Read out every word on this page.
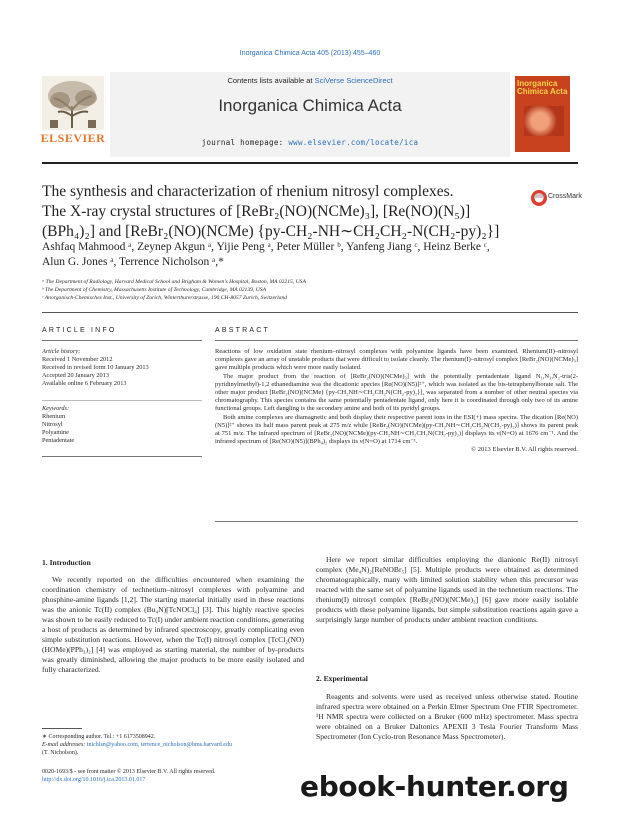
Inorganica Chimica Acta 405 (2013) 455–460
Contents lists available at SciVerse ScienceDirect
Inorganica Chimica Acta
journal homepage: www.elsevier.com/locate/ica
ELSEVIER
Inorganica Chimica Acta
The synthesis and characterization of rhenium nitrosyl complexes.
The X-ray crystal structures of [ReBr₂(NO)(NCMe)₃], [Re(NO)(N₅)]
(BPh₄)₂] and [ReBr₂(NO)(NCMe) {py-CH₂-NH∼CH₂CH₂-N(CH₂-py)₂}]
CrossMark
Ashfaq Mahmood ᵃ, Zeynep Akgun ᵃ, Yijie Peng ᵃ, Peter Müller ᵇ, Yanfeng Jiang ᶜ, Heinz Berke ᶜ,
Alun G. Jones ᵃ, Terrence Nicholson ᵃ,*
ᵃ The Department of Radiology, Harvard Medical School and Brigham & Women’s Hospital, Boston, MA 02215, USA
ᵇ The Department of Chemistry, Massachusetts Institute of Technology, Cambridge, MA 02139, USA
ᶜ Anorganisch-Chemisches Inst., University of Zurich, Winterthurerstrasse, 190 CH-8057 Zurich, Switzerland
ARTICLE INFO
Article history:
Received 1 November 2012
Received in revised form 10 January 2013
Accepted 20 January 2013
Available online 6 February 2013
Keywords:
Rhenium
Nitrosyl
Polyamine
Pentadentate
ABSTRACT

Reactions of low oxidation state rhenium–nitrosyl complexes with polyamine ligands have been examined. Rhenium(II)–nitrosyl complexes gave an array of unstable products that were difficult to isolate cleanly. The rhenium(I)–nitrosyl complex [ReBr₂(NO)(NCMe)₃] gave multiple products which were more easily isolated.

The major product from the reaction of [ReBr₂(NO)(NCMe)₃] with the potentially pentadentate ligand N₁,N₁,N₂-tris(2-pyridinylmethyl)-1,2 ethanediamine was the dicationic species [Re(NO)(N5)]²⁺, which was isolated as the bis-tetraphenylborate salt. The other major product [ReBr₂(NO)(NCMe) {py-CH₂NH∼CH₂CH₂N(CH₂-py)₂}], was separated from a number of other neutral species via chromatography. This species contains the same potentially pentadentate ligand, only here it is coordinated through only two of its amine functional groups. Left dangling is the secondary amine and both of its pyridyl groups.

Both amine complexes are diamagnetic and both display their respective parent ions in the ESI(+) mass spectra. The dication [Re(NO)(N5)]²⁺ shows its half mass parent peak at 275 m/z while [ReBr₂(NO)(NCMe)(py-CH₂NH∼CH₂CH₂N(CH₂-py)₂)] shows its parent peak at 751 m/z. The infrared spectrum of [ReBr₂(NO)(NCMe)(py-CH₂NH∼CH₂CH₂N(CH₂-py)₂)] displays its ν(N=O) at 1676 cm⁻¹. And the infrared spectrum of [Re(NO)(N5)](BPh₄)₂ displays its ν(N=O) at 1714 cm⁻¹.

© 2013 Elsevier B.V. All rights reserved.
1. Introduction

We recently reported on the difficulties encountered when examining the coordination chemistry of technetium–nitrosyl complexes with polyamine and phosphine-amine ligands [1,2]. The starting material initially used in these reactions was the anionic Tc(II) complex (Bu₄N)[TcNOCl₄] [3]. This highly reactive species was shown to be easily reduced to Tc(I) under ambient reaction conditions, generating a host of products as determined by infrared spectroscopy, greatly complicating even simple substitution reactions. However, when the Tc(I) nitrosyl complex [TcCl₂(NO)(HOMe)(PPh₃)₂] [4] was employed as starting material, the number of by-products was greatly diminished, allowing the major products to be more easily isolated and fully characterized.

Here we report similar difficulties employing the dianionic Re(II) nitrosyl complex (Me₄N)₂[ReNOBr₅] [5]. Multiple products were obtained as determined chromatographically, many with limited solution stability when this precursor was reacted with the same set of polyamine ligands used in the technetium reactions. The rhenium(I) nitrosyl complex [ReBr₂(NO)(NCMe)₃] [6] gave more easily isolable products with these polyamine ligands, but simple substitution reactions again gave a surprisingly large number of products under ambient reaction conditions.

2. Experimental

Reagents and solvents were used as received unless otherwise stated. Routine infrared spectra were obtained on a Perkin Elmer Spectrum One FTIR Spectrometer. ¹H NMR spectra were collected on a Bruker (600 mHz) spectrometer. Mass spectra were obtained on a Bruker Daltonics APEXII 3 Tesla Fourier Transform Mass Spectrometer (Ion Cyclo-tron Resonance Mass Spectrometer).

∗ Corresponding author. Tel.: +1 6173508942.
E-mail addresses: tnichlsn@yahoo.com, terrence_nicholson@hms.harvard.edu
(T. Nicholson).
0020-1693/$ - see front matter © 2013 Elsevier B.V. All rights reserved.
http://dx.doi.org/10.1016/j.ica.2013.01.017	ebook-hunter.org
